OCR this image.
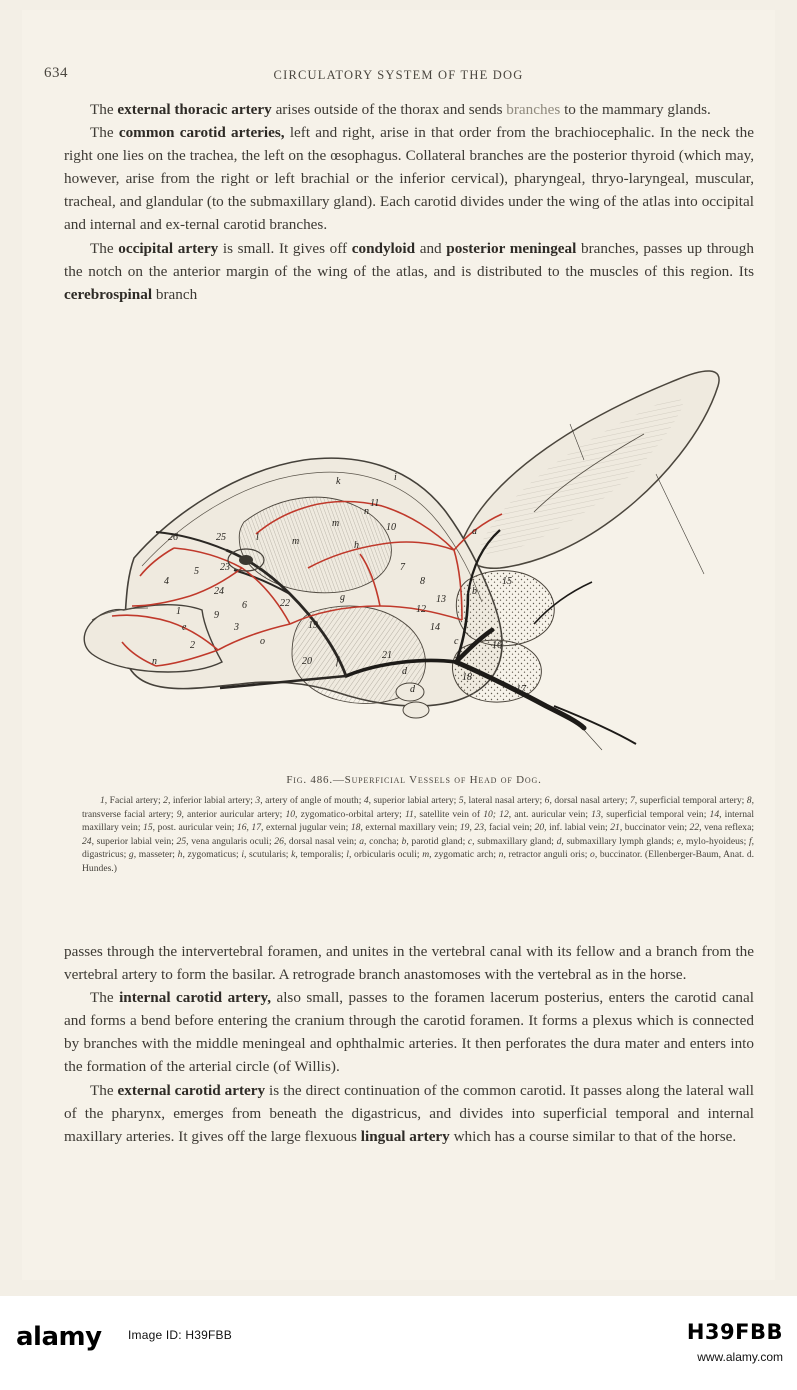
634	CIRCULATORY SYSTEM OF THE DOG

The external thoracic artery arises outside of the thorax and sends branches to the mammary glands.

The common carotid arteries, left and right, arise in that order from the brachiocephalic. In the neck the right one lies on the trachea, the left on the œsophagus. Collateral branches are the posterior thyroid (which may, however, arise from the right or left brachial or the inferior cervical), pharyngeal, thryo-laryngeal, muscular, tracheal, and glandular (to the submaxillary gland). Each carotid divides under the wing of the atlas into occipital and internal and ex-ternal carotid branches.

The occipital artery is small. It gives off condyloid and posterior meningeal branches, passes up through the notch on the anterior margin of the wing of the atlas, and is distributed to the muscles of this region. Its cerebrospinal branch

k	i
n
m
l	m	h
a
7
8
b
15
26	25
23
g
12
c	16
24
22
19
d
d	17
18
21
20 f
e
n
o
9
1
2
3
4
5
6
10
11
13
14
Fig. 486.—Superficial Vessels of Head of Dog.
1, Facial artery; 2, inferior labial artery; 3, artery of angle of mouth; 4, superior labial artery; 5, lateral nasal artery; 6, dorsal nasal artery; 7, superficial temporal artery; 8, transverse facial artery; 9, anterior auricular artery; 10, zygomatico-orbital artery; 11, satellite vein of 10; 12, ant. auricular vein; 13, superficial temporal vein; 14, internal maxillary vein; 15, post. auricular vein; 16, 17, external jugular vein; 18, external maxillary vein; 19, 23, facial vein; 20, inf. labial vein; 21, buccinator vein; 22, vena reflexa; 24, superior labial vein; 25, vena angularis oculi; 26, dorsal nasal vein; a, concha; b, parotid gland; c, submaxillary gland; d, submaxillary lymph glands; e, mylo-hyoideus; f, digastricus; g, masseter; h, zygomaticus; i, scutularis; k, temporalis; l, orbicularis oculi; m, zygomatic arch; n, retractor anguli oris; o, buccinator. (Ellenberger-Baum, Anat. d. Hundes.)

passes through the intervertebral foramen, and unites in the vertebral canal with its fellow and a branch from the vertebral artery to form the basilar. A retrograde branch anastomoses with the vertebral as in the horse.

The internal carotid artery, also small, passes to the foramen lacerum posterius, enters the carotid canal and forms a bend before entering the cranium through the carotid foramen. It forms a plexus which is connected by branches with the middle meningeal and ophthalmic arteries. It then perforates the dura mater and enters into the formation of the arterial circle (of Willis).

The external carotid artery is the direct continuation of the common carotid. It passes along the lateral wall of the pharynx, emerges from beneath the digastricus, and divides into superficial temporal and internal maxillary arteries. It gives off the large flexuous lingual artery which has a course similar to that of the horse.

alamy Image ID: H39FBB	H39FBB
www.alamy.com
